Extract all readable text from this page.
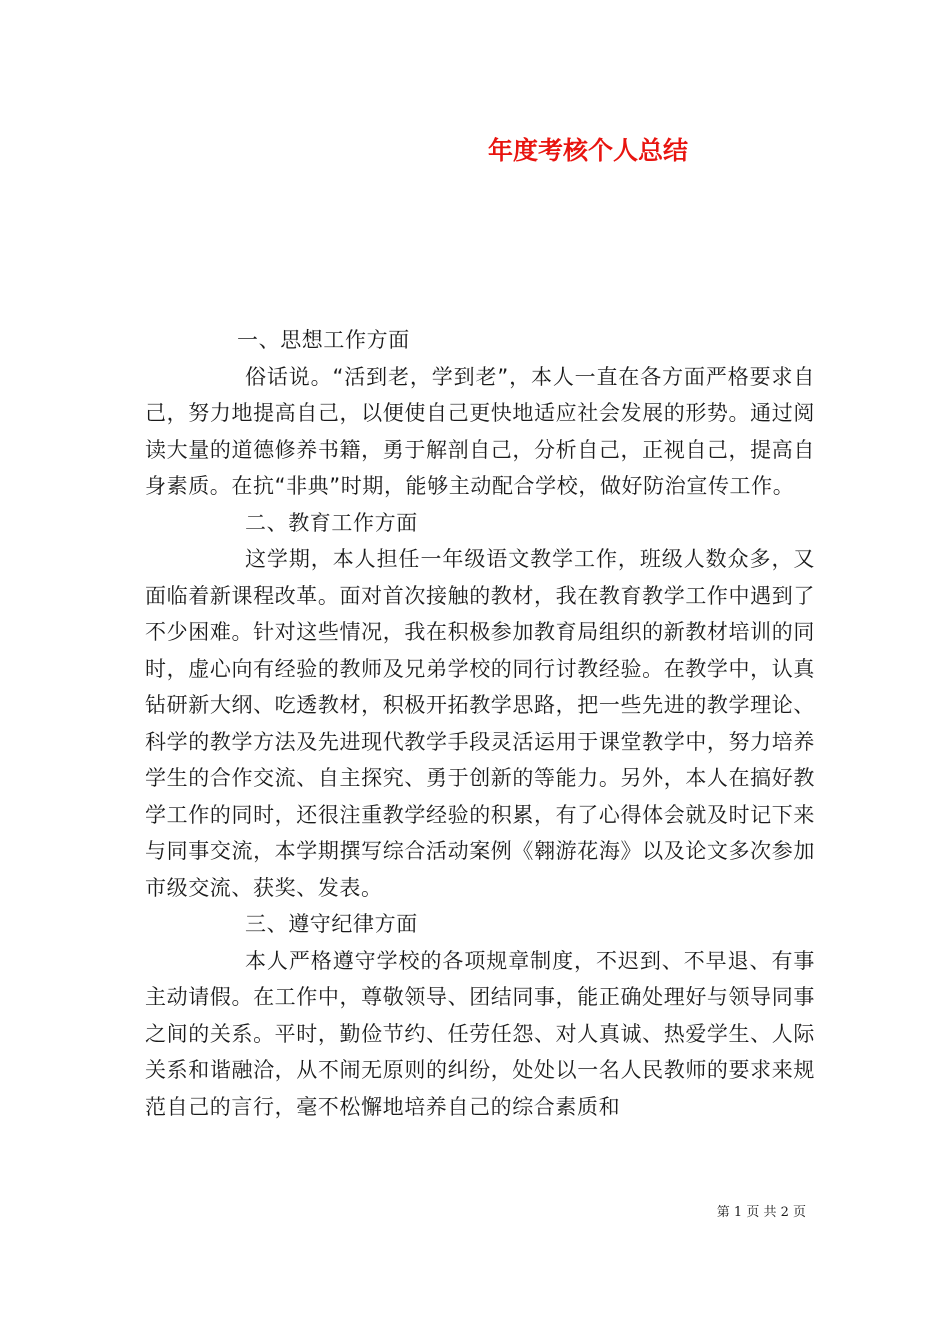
年度考核个人总结

一、思想工作方面

俗话说。“活到老，学到老”，本人一直在各方面严格要求自己，努力地提高自己，以便使自己更快地适应社会发展的形势。通过阅读大量的道德修养书籍，勇于解剖自己，分析自己，正视自己，提高自身素质。在抗“非典”时期，能够主动配合学校，做好防治宣传工作。

二、教育工作方面

这学期，本人担任一年级语文教学工作，班级人数众多，又面临着新课程改革。面对首次接触的教材，我在教育教学工作中遇到了不少困难。针对这些情况，我在积极参加教育局组织的新教材培训的同时，虚心向有经验的教师及兄弟学校的同行讨教经验。在教学中，认真钻研新大纲、吃透教材，积极开拓教学思路，把一些先进的教学理论、科学的教学方法及先进现代教学手段灵活运用于课堂教学中，努力培养学生的合作交流、自主探究、勇于创新的等能力。另外，本人在搞好教学工作的同时，还很注重教学经验的积累，有了心得体会就及时记下来与同事交流，本学期撰写综合活动案例《翱游花海》以及论文多次参加市级交流、获奖、发表。

三、遵守纪律方面

本人严格遵守学校的各项规章制度，不迟到、不早退、有事主动请假。在工作中，尊敬领导、团结同事，能正确处理好与领导同事之间的关系。平时，勤俭节约、任劳任怨、对人真诚、热爱学生、人际关系和谐融洽，从不闹无原则的纠纷，处处以一名人民教师的要求来规范自己的言行，毫不松懈地培养自己的综合素质和

第 1 页 共 2 页
